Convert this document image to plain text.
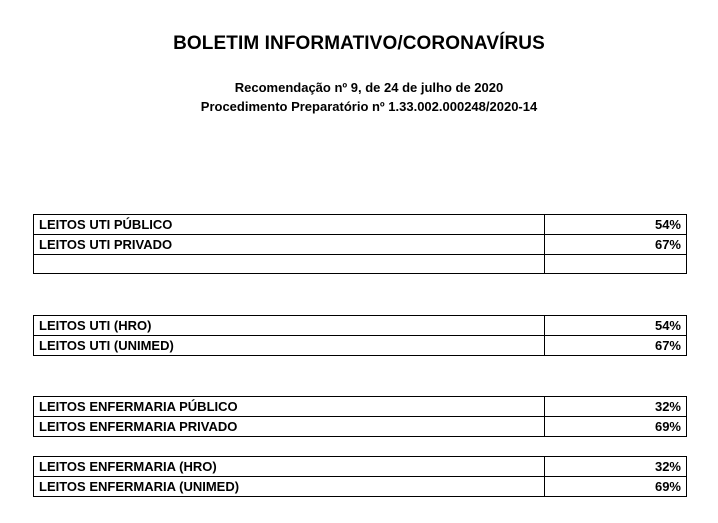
BOLETIM INFORMATIVO/CORONAVÍRUS
Recomendação nº 9, de 24 de julho de 2020
Procedimento Preparatório nº 1.33.002.000248/2020-14
LEITOS UTI PÚBLICO	54%
LEITOS UTI PRIVADO	67%

LEITOS UTI (HRO)	54%
LEITOS UTI (UNIMED)	67%
LEITOS ENFERMARIA PÚBLICO	32%
LEITOS ENFERMARIA PRIVADO	69%
LEITOS ENFERMARIA (HRO)	32%
LEITOS ENFERMARIA (UNIMED)	69%
